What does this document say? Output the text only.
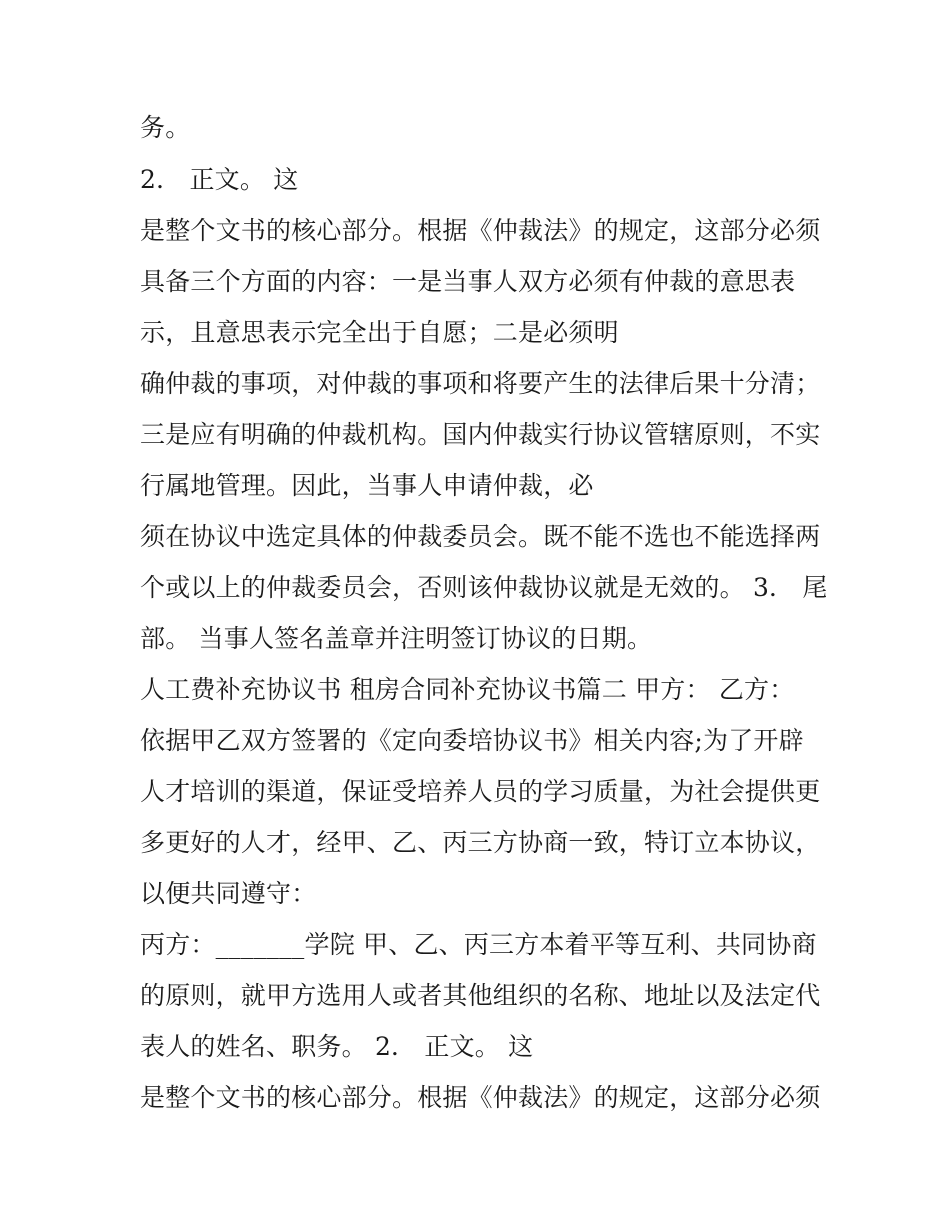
务。

2． 正文。 这

是整个文书的核心部分。根据《仲裁法》的规定，这部分必须

具备三个方面的内容：一是当事人双方必须有仲裁的意思表

示，且意思表示完全出于自愿；二是必须明

确仲裁的事项，对仲裁的事项和将要产生的法律后果十分清；

三是应有明确的仲裁机构。国内仲裁实行协议管辖原则，不实

行属地管理。因此，当事人申请仲裁，必

须在协议中选定具体的仲裁委员会。既不能不选也不能选择两

个或以上的仲裁委员会，否则该仲裁协议就是无效的。 3． 尾

部。 当事人签名盖章并注明签订协议的日期。

人工费补充协议书 租房合同补充协议书篇二 甲方： 乙方：

依据甲乙双方签署的《定向委培协议书》相关内容;为了开辟

人才培训的渠道，保证受培养人员的学习质量，为社会提供更

多更好的人才，经甲、乙、丙三方协商一致，特订立本协议，

以便共同遵守：

丙方：_______学院 甲、乙、丙三方本着平等互利、共同协商

的原则，就甲方选用人或者其他组织的名称、地址以及法定代

表人的姓名、职务。 2． 正文。 这

是整个文书的核心部分。根据《仲裁法》的规定，这部分必须
